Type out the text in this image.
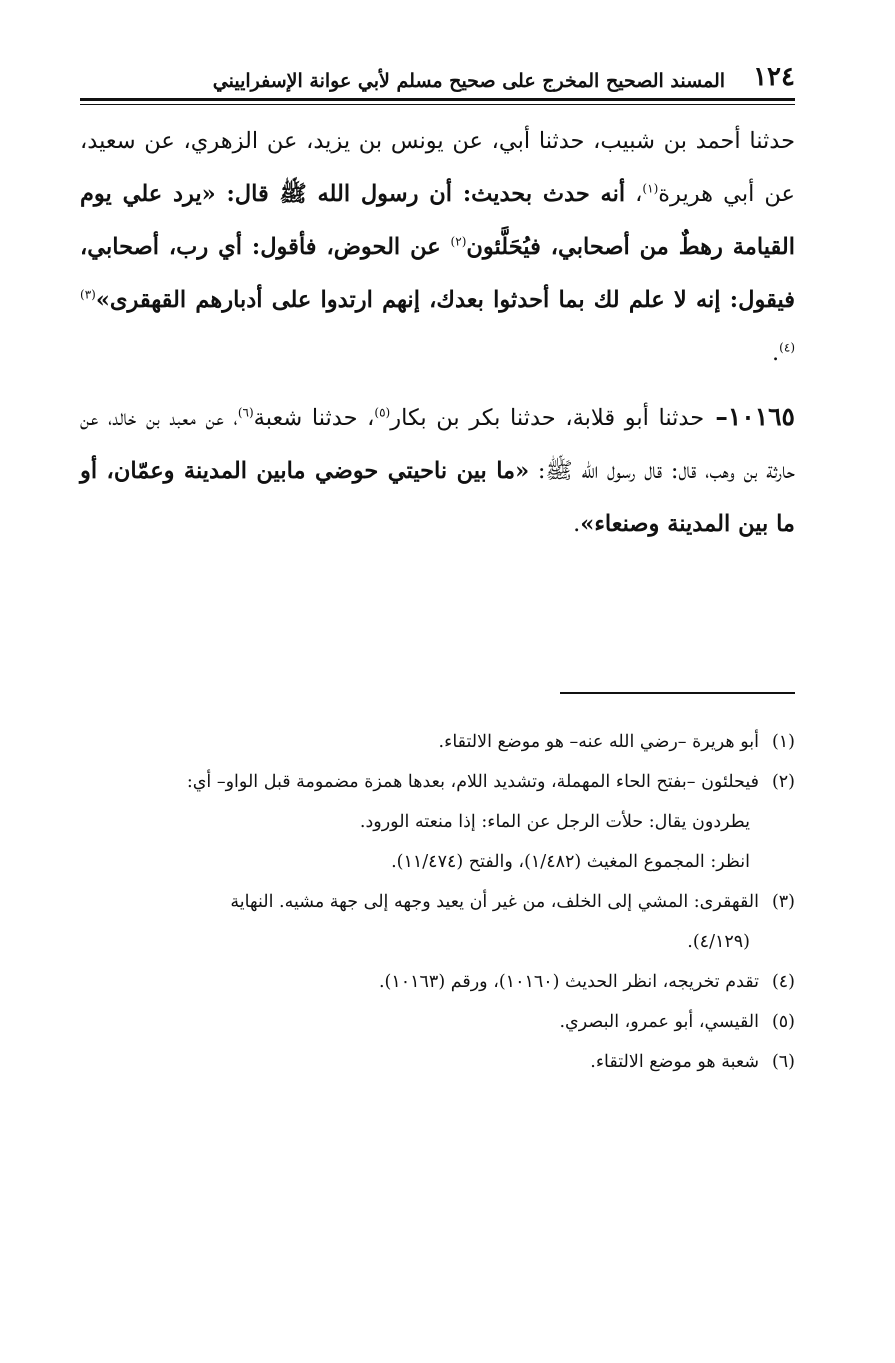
١٢٤
المسند الصحيح المخرج على صحيح مسلم لأبي عوانة الإسفراييني

حدثنا أحمد بن شبيب، حدثنا أبي، عن يونس بن يزيد، عن الزهري، عن سعيد، عن أبي هريرة$^{(١)}$، أنه حدث بحديث: أن رسول الله ﷺ قال: «يرد علي يوم القيامة رهطٌ من أصحابي، فيُحَلَّئون$^{(٢)}$ عن الحوض، فأقول: أي رب، أصحابي، فيقول: إنه لا علم لك بما أحدثوا بعدك، إنهم ارتدوا على أدبارهم القهقرى»$^{(٣)(٤)}$.

١٠١٦٥– حدثنا أبو قلابة، حدثنا بكر بن بكار$^{(٥)}$، حدثنا شعبة$^{(٦)}$، عن معبد بن خالد، عن حارثة بن وهب، قال: قال رسول الله ﷺ: «ما بين ناحيتي حوضي مابين المدينة وعمّان، أو ما بين المدينة وصنعاء».

(١)أبو هريرة –رضي الله عنه– هو موضع الالتقاء.
(٢)فيحلئون –بفتح الحاء المهملة، وتشديد اللام، بعدها همزة مضمومة قبل الواو– أي:
يطردون يقال: حلأت الرجل عن الماء: إذا منعته الورود.
انظر: المجموع المغيث (١/٤٨٢)، والفتح (١١/٤٧٤).
(٣)القهقرى: المشي إلى الخلف، من غير أن يعيد وجهه إلى جهة مشيه. النهاية
(٤/١٢٩).
(٤)تقدم تخريجه، انظر الحديث (١٠١٦٠)، ورقم (١٠١٦٣).
(٥)القيسي، أبو عمرو، البصري.
(٦)شعبة هو موضع الالتقاء.
